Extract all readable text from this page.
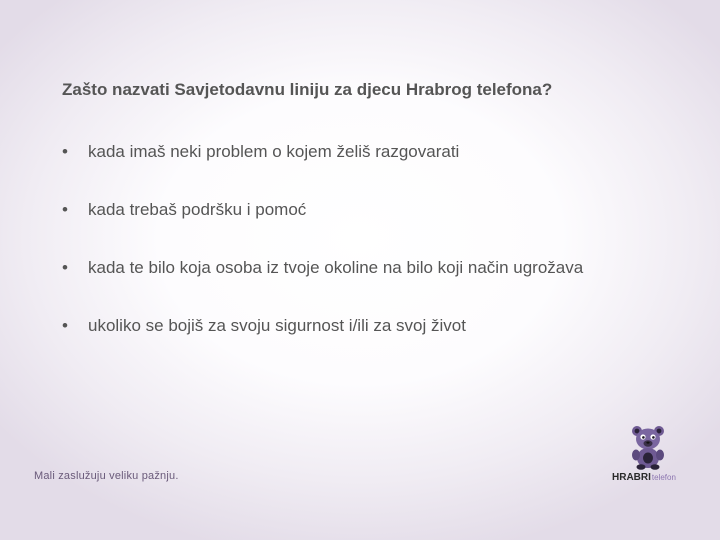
Zašto nazvati Savjetodavnu liniju za djecu Hrabrog telefona?
• kada imaš neki problem o kojem želiš razgovarati
• kada trebaš podršku i pomoć
• kada te bilo koja osoba iz tvoje okoline na bilo koji način ugrožava
• ukoliko se bojiš za svoju sigurnost i/ili za svoj život
Mali zaslužuju veliku pažnju.	HRABRItelefon
